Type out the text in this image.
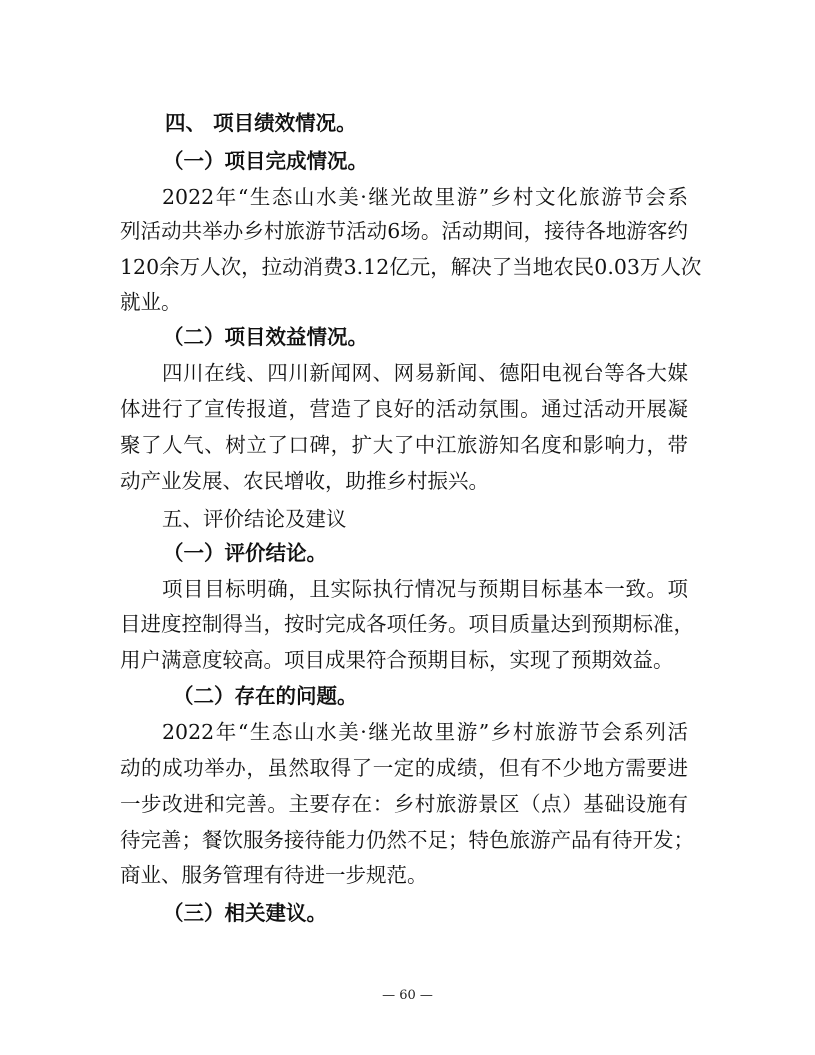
四、 项目绩效情况。

（一）项目完成情况。

2022年“生态山水美·继光故里游”乡村文化旅游节会系

列活动共举办乡村旅游节活动6场。活动期间，接待各地游客约

120余万人次，拉动消费3.12亿元，解决了当地农民0.03万人次

就业。

（二）项目效益情况。

四川在线、四川新闻网、网易新闻、德阳电视台等各大媒

体进行了宣传报道，营造了良好的活动氛围。通过活动开展凝

聚了人气、树立了口碑，扩大了中江旅游知名度和影响力，带

动产业发展、农民增收，助推乡村振兴。

五、评价结论及建议

（一）评价结论。

项目目标明确，且实际执行情况与预期目标基本一致。项

目进度控制得当，按时完成各项任务。项目质量达到预期标准，

用户满意度较高。项目成果符合预期目标，实现了预期效益。

（二）存在的问题。

2022年“生态山水美·继光故里游”乡村旅游节会系列活

动的成功举办，虽然取得了一定的成绩，但有不少地方需要进

一步改进和完善。主要存在：乡村旅游景区（点）基础设施有

待完善；餐饮服务接待能力仍然不足；特色旅游产品有待开发；

商业、服务管理有待进一步规范。

（三）相关建议。

— 60 —
